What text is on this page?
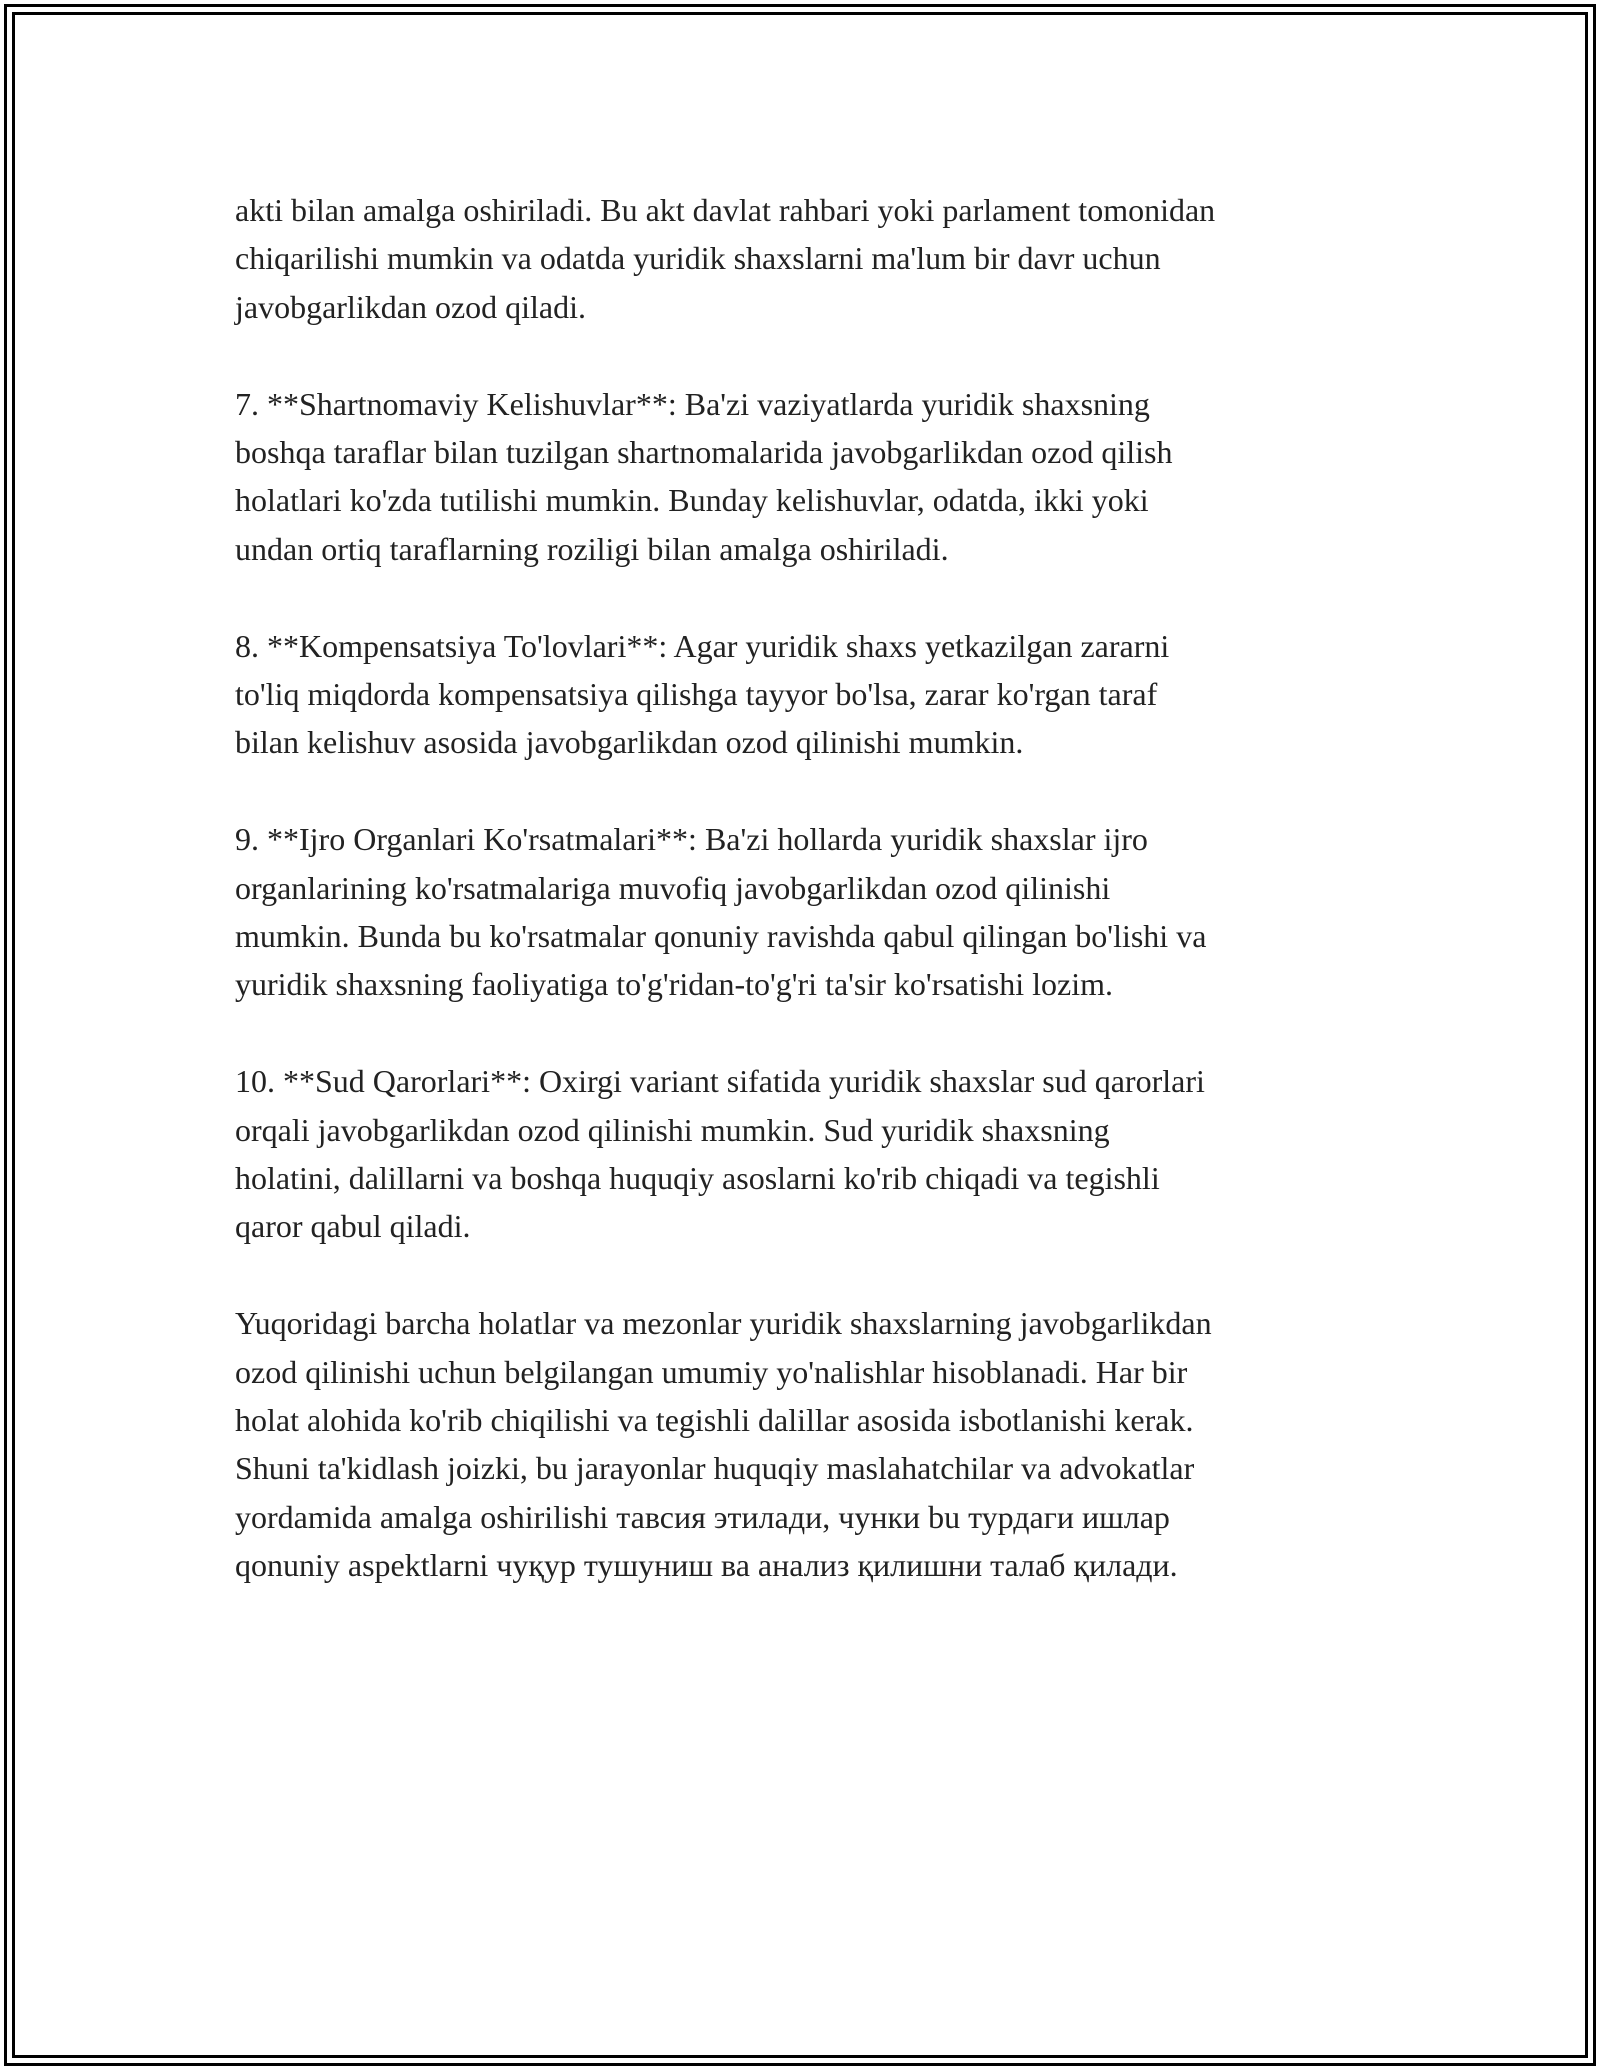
akti bilan amalga oshiriladi. Bu akt davlat rahbari yoki parlament tomonidan
chiqarilishi mumkin va odatda yuridik shaxslarni ma'lum bir davr uchun
javobgarlikdan ozod qiladi.
7. **Shartnomaviy Kelishuvlar**: Ba'zi vaziyatlarda yuridik shaxsning
boshqa taraflar bilan tuzilgan shartnomalarida javobgarlikdan ozod qilish
holatlari ko'zda tutilishi mumkin. Bunday kelishuvlar, odatda, ikki yoki
undan ortiq taraflarning roziligi bilan amalga oshiriladi.
8. **Kompensatsiya To'lovlari**: Agar yuridik shaxs yetkazilgan zararni
to'liq miqdorda kompensatsiya qilishga tayyor bo'lsa, zarar ko'rgan taraf
bilan kelishuv asosida javobgarlikdan ozod qilinishi mumkin.
9. **Ijro Organlari Ko'rsatmalari**: Ba'zi hollarda yuridik shaxslar ijro
organlarining ko'rsatmalariga muvofiq javobgarlikdan ozod qilinishi
mumkin. Bunda bu ko'rsatmalar qonuniy ravishda qabul qilingan bo'lishi va
yuridik shaxsning faoliyatiga to'g'ridan-to'g'ri ta'sir ko'rsatishi lozim.
10. **Sud Qarorlari**: Oxirgi variant sifatida yuridik shaxslar sud qarorlari
orqali javobgarlikdan ozod qilinishi mumkin. Sud yuridik shaxsning
holatini, dalillarni va boshqa huquqiy asoslarni ko'rib chiqadi va tegishli
qaror qabul qiladi.
Yuqoridagi barcha holatlar va mezonlar yuridik shaxslarning javobgarlikdan
ozod qilinishi uchun belgilangan umumiy yo'nalishlar hisoblanadi. Har bir
holat alohida ko'rib chiqilishi va tegishli dalillar asosida isbotlanishi kerak.
Shuni ta'kidlash joizki, bu jarayonlar huquqiy maslahatchilar va advokatlar
yordamida amalga oshirilishi тавсия этилади, чунки bu турдаги ишлар
qonuniy aspektlarni чуқур тушуниш ва анализ қилишни талаб қилади.
